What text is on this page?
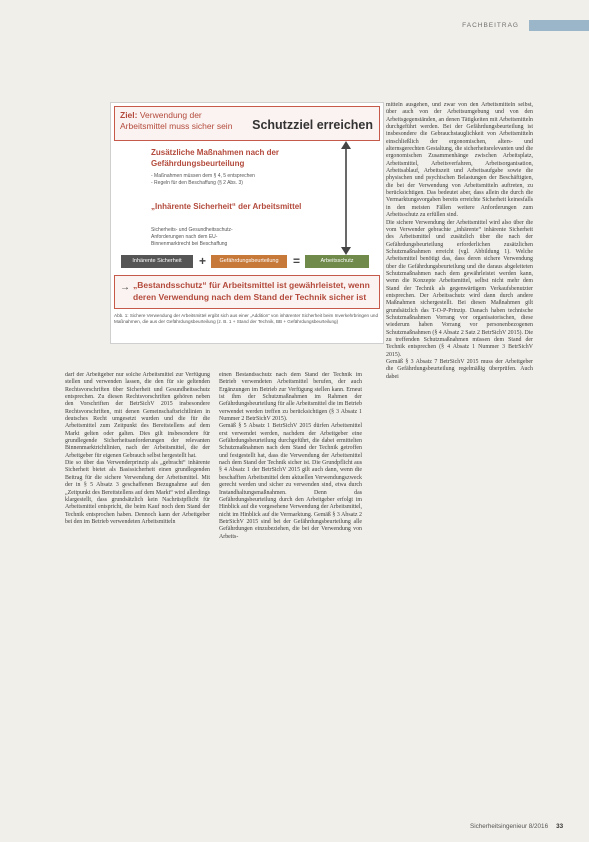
FACHBEITRAG
Ziel: Verwendung der Arbeitsmittel muss sicher sein	Schutzziel erreichen
Zusätzliche Maßnahmen nach der Gefährdungsbeurteilung
- Maßnahmen müssen dem § 4, 5 entsprechen
- Regeln für den Beschaffung (§ 2 Abs. 3)
„Inhärente Sicherheit“ der Arbeitsmittel
Sicherheits- und Gesundheitsschutz-
Anforderungen nach dem EU-
Binnenmarktrecht bei Beschaffung
Inhärente Sicherheit	+	Gefährdungsbeurteilung	=	Arbeitsschutz
→ „Bestandsschutz“ für Arbeitsmittel ist gewährleistet, wenn deren Verwendung nach dem Stand der Technik sicher ist
Abb. 1: Sichere Verwendung der Arbeitsmittel ergibt sich aus einer „Addition“ von inhärenter Sicherheit beim Inverkehrbringen und Maßnahmen, die aus der Gefährdungsbeurteilung (z. B. 1 + Stand der Technik, BB + Gefährdungsbeurteilung)
darf der Arbeitgeber nur solche Arbeitsmittel zur Verfügung stellen und verwenden lassen, die den für sie geltenden Rechtsvorschriften über Sicherheit und Gesundheitsschutz entsprechen. Zu diesen Rechtsvorschriften gehören neben den Vorschriften der BetrSichV 2015 insbesondere Rechtsvorschriften, mit denen Gemeinschaftsrichtlinien in deutsches Recht umgesetzt wurden und die für die Arbeitsmittel zum Zeitpunkt des Bereitstellens auf dem Markt gelten oder galten. Dies gilt insbesondere für grundlegende Sicherheitsanforderungen der relevanten Binnenmarktrichtlinien, nach der Arbeitsmittel, die der Arbeitgeber für eigenen Gebrauch selbst hergestellt hat.
Die so über das Verwenderprinzip als „gebracht“ inhärente Sicherheit bietet als Basissicherheit einen grundlegenden Beitrag für die sichere Verwendung der Arbeitsmittel. Mit der in § 5 Absatz 3 geschaffenen Bezugnahme auf den „Zeitpunkt des Bereitstellens auf dem Markt“ wird allerdings klargestellt, dass grundsätzlich kein Nachrüstpflicht für Arbeitsmittel entspricht, die beim Kauf noch dem Stand der Technik entsprochen haben. Dennoch kann der Arbeitgeber bei den im Betrieb verwendeten Arbeitsmitteln
einen Bestandsschutz nach dem Stand der Technik im Betrieb verwendeten Arbeitsmittel berufen, der auch Ergänzungen im Betrieb zur Verfügung stellen kann. Erneut ist ihm der Schutzmaßnahmen im Rahmen der Gefährdungsbeurteilung für alle Arbeitsmittel die im Betrieb verwendet werden treffen zu berücksichtigen (§ 3 Absatz 1 Nummer 2 BetrSichV 2015).
Gemäß § 5 Absatz 1 BetrSichV 2015 dürfen Arbeitsmittel erst verwendet werden, nachdem der Arbeitgeber eine Gefährdungsbeurteilung durchgeführt, die dabei ermittelten Schutzmaßnahmen nach dem Stand der Technik getroffen und festgestellt hat, dass die Verwendung der Arbeitsmittel nach dem Stand der Technik sicher ist. Die Grundpflicht aus § 4 Absatz 1 der BetrSichV 2015 gilt auch dann, wenn die beschafften Arbeitsmittel dem aktuellen Verwendungszweck gerecht werden und sicher zu verwenden sind, etwa durch Instandhaltungsmaßnahmen. Denn das Gefährdungsbeurteilung durch den Arbeitgeber erfolgt im Hinblick auf die vorgesehene Verwendung der Arbeitsmittel, nicht im Hinblick auf die Vermarktung. Gemäß § 3 Absatz 2 BetrSichV 2015 sind bei der Gefährdungsbeurteilung alle Gefährdungen einzubeziehen, die bei der Verwendung von Arbeits-
mitteln ausgehen, und zwar von den Arbeitsmitteln selbst, über auch von der Arbeitsumgebung und von den Arbeitsgegenständen, an denen Tätigkeiten mit Arbeitsmitteln durchgeführt werden. Bei der Gefährdungsbeurteilung ist insbesondere die Gebrauchstauglichkeit von Arbeitsmitteln einschließlich der ergonomischen, alters- und alternsgerechten Gestaltung, die sicherheitsrelevanten und die ergonomischen Zusammenhänge zwischen Arbeitsplatz, Arbeitsmittel, Arbeitsverfahren, Arbeitsorganisation, Arbeitsablauf, Arbeitszeit und Arbeitsaufgabe sowie die physischen und psychischen Belastungen der Beschäftigten, die bei der Verwendung von Arbeitsmitteln auftreten, zu berücksichtigen. Das bedeutet aber, dass allein die durch die Vermarktungsvorgaben bereits erreichte Sicherheit keinesfalls in den meisten Fällen weitere Anforderungen zum Arbeitsschutz zu erfüllen sind.
Die sichere Verwendung der Arbeitsmittel wird also über die vom Verwender gebrachte „inhärente“ inhärente Sicherheit des Arbeitsmittel und zusätzlich über die nach der Gefährdungsbeurteilung erforderlichen zusätzlichen Schutzmaßnahmen erreicht (vgl. Abbildung 1). Welche Arbeitsmittel benötigt das, dass deren sichere Verwendung über die Gefährdungsbeurteilung und die daraus abgeleiteten Schutzmaßnahmen nach dem gewährleistet werden kann, wenn die Konzepte Arbeitsmittel, selbst nicht mehr dem Stand der Technik als gegenwärtigem Verkaufsbenutzter entsprechen. Der Arbeitsschutz wird dann durch andere Maßnahmen sichergestellt. Bei diesen Maßnahmen gilt grundsätzlich das T-O-P-Prinzip. Danach haben technische Schutzmaßnahmen Vorrang vor organisatorischen, diese wiederum haben Vorrang vor personenbezogenen Schutzmaßnahmen (§ 4 Absatz 2 Satz 2 BetrSichV 2015). Die zu treffenden Schutzmaßnahmen müssen dem Stand der Technik entsprechen (§ 4 Absatz 1 Nummer 3 BetrSichV 2015).
Gemäß § 3 Absatz 7 BetrSichV 2015 muss der Arbeitgeber die Gefährdungsbeurteilung regelmäßig überprüfen. Auch dabei
Sicherheitsingenieur 8/2016 33
